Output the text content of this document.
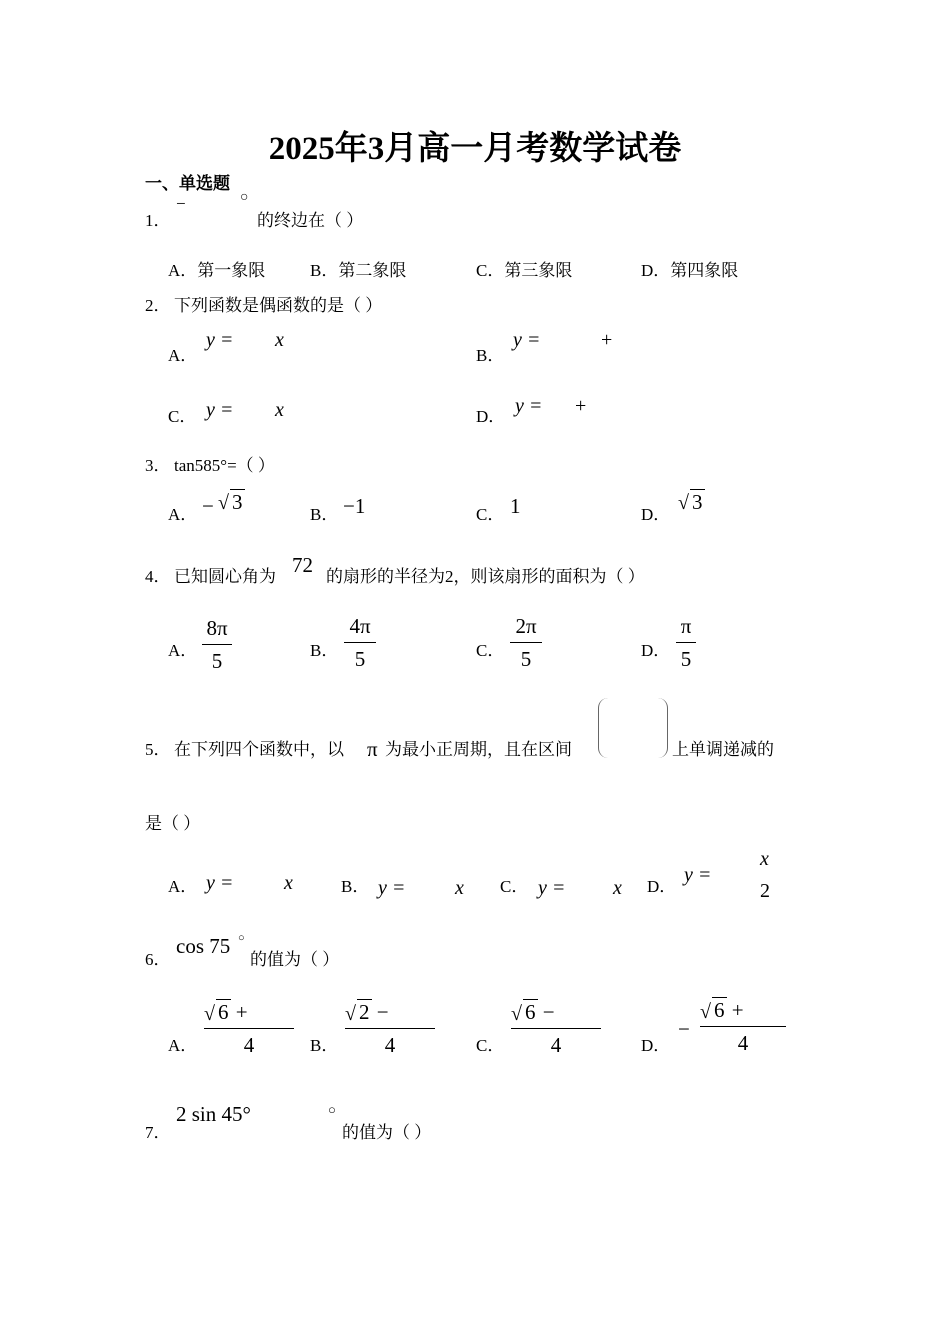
2025年3月高一月考数学试卷
一、单选题
1．
−	○
的终边在（ ）
A．第一象限	B．第二象限	C．第三象限	D．第四象限
2． 下列函数是偶函数的是（ ）
A．
y = x
B．
y =	+
C． y = x	D． y = +
3． tan585°=（ ）
A． − √ 3
B． −1	C． 1	D．
√ 3
4． 已知圆心角为 72 的扇形的半径为2，则该扇形的面积为（ ）
A．
8π
5	B．
4π
5	C．
2π
5	D．
π
5
5． 在下列四个函数中，以 π 为最小正周期，且在区间	上单调递减的
是（ ）
A． y =	x	B． y = x C． y = x D．
y =
x
2
6．
cos 75 ○
的值为（ ）
A．
√ 6 +
4	B．
√ 2 −
4	C．
√ 6 −
4	D．
−
√ 6 +
4
7．
2 sin 45°	○
的值为（ ）
